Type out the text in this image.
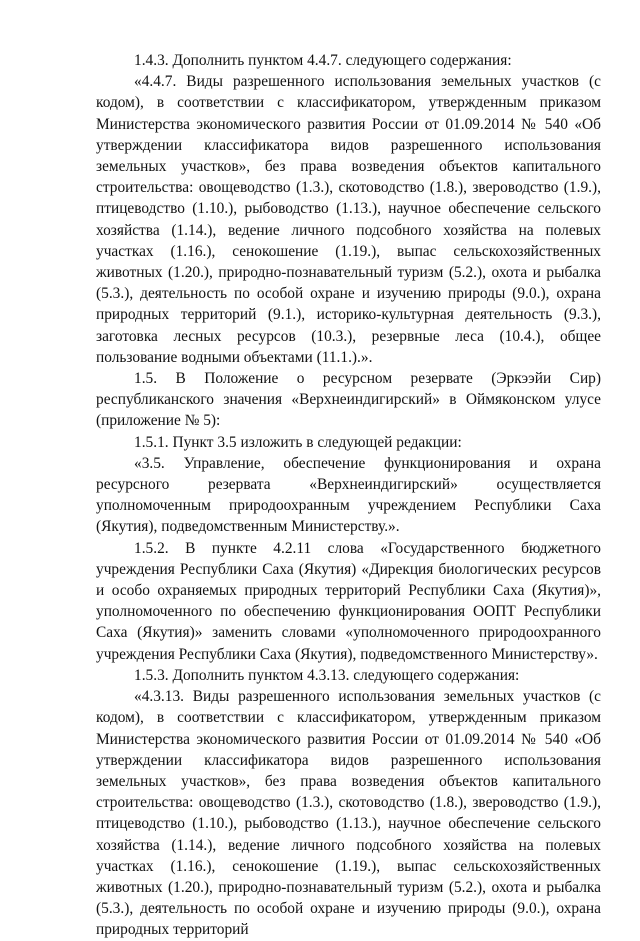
1.4.3. Дополнить пунктом 4.4.7. следующего содержания:

«4.4.7. Виды разрешенного использования земельных участков (с кодом), в соответствии с классификатором, утвержденным приказом Министерства экономического развития России от 01.09.2014 № 540 «Об утверждении классификатора видов разрешенного использования земельных участков», без права возведения объектов капитального строительства: овощеводство (1.3.), скотоводство (1.8.), звероводство (1.9.), птицеводство (1.10.), рыбоводство (1.13.), научное обеспечение сельского хозяйства (1.14.), ведение личного подсобного хозяйства на полевых участках (1.16.), сенокошение (1.19.), выпас сельскохозяйственных животных (1.20.), природно-познавательный туризм (5.2.), охота и рыбалка (5.3.), деятельность по особой охране и изучению природы (9.0.), охрана природных территорий (9.1.), историко-культурная деятельность (9.3.), заготовка лесных ресурсов (10.3.), резервные леса (10.4.), общее пользование водными объектами (11.1.).».

1.5. В Положение о ресурсном резервате (Эркээйи Сир) республиканского значения «Верхнеиндигирский» в Оймяконском улусе (приложение № 5):

1.5.1. Пункт 3.5 изложить в следующей редакции:

«3.5. Управление, обеспечение функционирования и охрана ресурсного резервата «Верхнеиндигирский» осуществляется уполномоченным природоохранным учреждением Республики Саха (Якутия), подведомственным Министерству.».

1.5.2. В пункте 4.2.11 слова «Государственного бюджетного учреждения Республики Саха (Якутия) «Дирекция биологических ресурсов и особо охраняемых природных территорий Республики Саха (Якутия)», уполномоченного по обеспечению функционирования ООПТ Республики Саха (Якутия)» заменить словами «уполномоченного природоохранного учреждения Республики Саха (Якутия), подведомственного Министерству».

1.5.3. Дополнить пунктом 4.3.13. следующего содержания:

«4.3.13. Виды разрешенного использования земельных участков (с кодом), в соответствии с классификатором, утвержденным приказом Министерства экономического развития России от 01.09.2014 № 540 «Об утверждении классификатора видов разрешенного использования земельных участков», без права возведения объектов капитального строительства: овощеводство (1.3.), скотоводство (1.8.), звероводство (1.9.), птицеводство (1.10.), рыбоводство (1.13.), научное обеспечение сельского хозяйства (1.14.), ведение личного подсобного хозяйства на полевых участках (1.16.), сенокошение (1.19.), выпас сельскохозяйственных животных (1.20.), природно-познавательный туризм (5.2.), охота и рыбалка (5.3.), деятельность по особой охране и изучению природы (9.0.), охрана природных территорий
